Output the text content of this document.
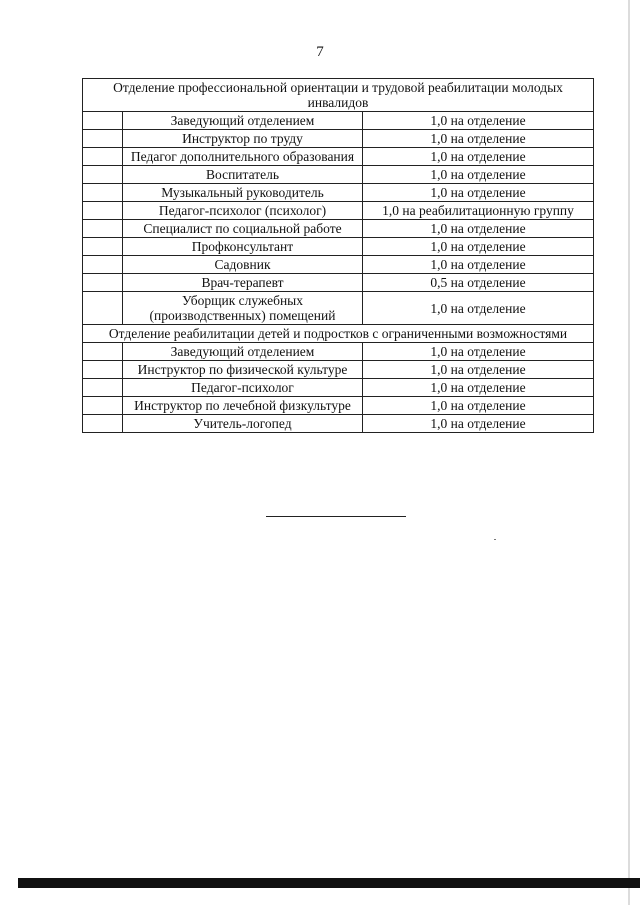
7
Отделение профессиональной ориентации и трудовой реабилитации молодых инвалидов		
	Заведующий отделением	1,0 на отделение
	Инструктор по труду	1,0 на отделение
	Педагог дополнительного образования	1,0 на отделение
	Воспитатель	1,0 на отделение
	Музыкальный руководитель	1,0 на отделение
	Педагог-психолог (психолог)	1,0 на реабилитационную группу
	Специалист по социальной работе	1,0 на отделение
	Профконсультант	1,0 на отделение
	Садовник	1,0 на отделение
	Врач-терапевт	0,5 на отделение
	Уборщик служебных (производственных) помещений	1,0 на отделение
Отделение реабилитации детей и подростков с ограниченными возможностями		
	Заведующий отделением	1,0 на отделение
	Инструктор по физической культуре	1,0 на отделение
	Педагог-психолог	1,0 на отделение
	Инструктор по лечебной физкультуре	1,0 на отделение
	Учитель-логопед	1,0 на отделение
